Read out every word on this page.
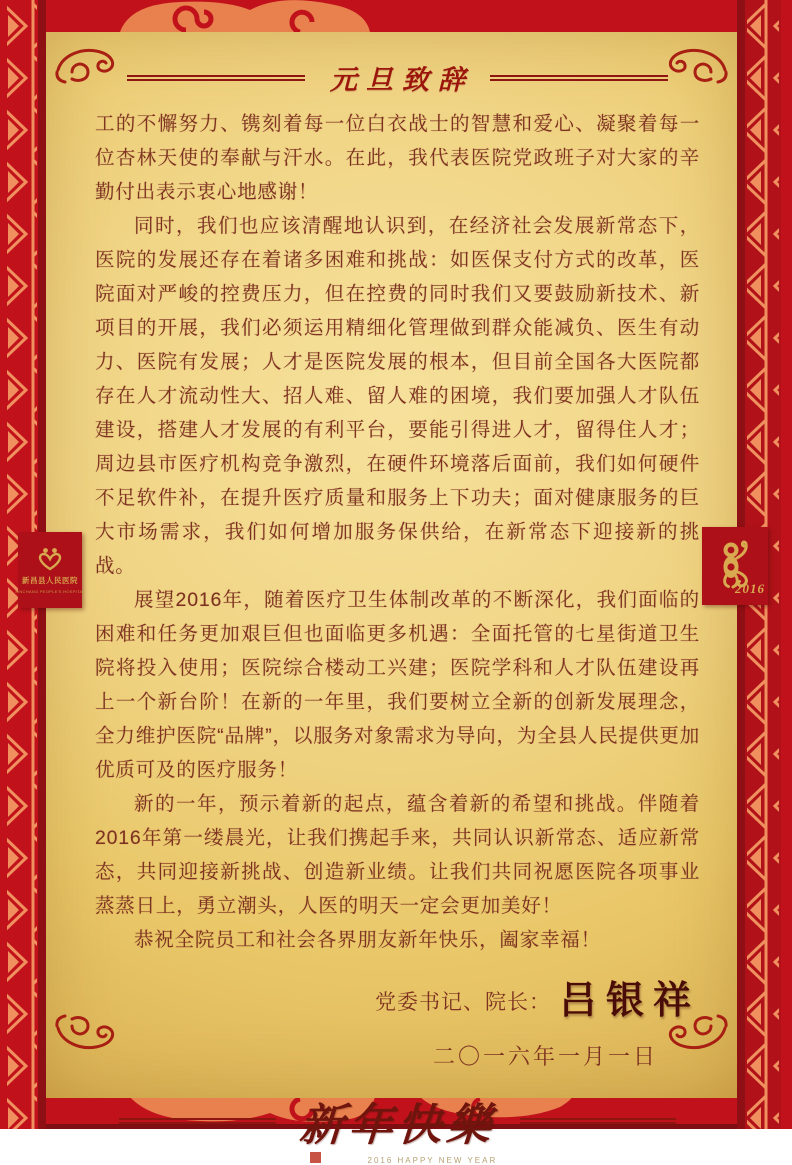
元旦致辞

工的不懈努力、镌刻着每一位白衣战士的智慧和爱心、凝聚着每一位杏林天使的奉献与汗水。在此，我代表医院党政班子对大家的辛勤付出表示衷心地感谢！

同时，我们也应该清醒地认识到，在经济社会发展新常态下，医院的发展还存在着诸多困难和挑战：如医保支付方式的改革，医院面对严峻的控费压力，但在控费的同时我们又要鼓励新技术、新项目的开展，我们必须运用精细化管理做到群众能减负、医生有动力、医院有发展；人才是医院发展的根本，但目前全国各大医院都存在人才流动性大、招人难、留人难的困境，我们要加强人才队伍建设，搭建人才发展的有利平台，要能引得进人才，留得住人才；周边县市医疗机构竞争激烈，在硬件环境落后面前，我们如何硬件不足软件补，在提升医疗质量和服务上下功夫；面对健康服务的巨大市场需求，我们如何增加服务保供给，在新常态下迎接新的挑战。

展望2016年，随着医疗卫生体制改革的不断深化，我们面临的困难和任务更加艰巨但也面临更多机遇：全面托管的七星街道卫生院将投入使用；医院综合楼动工兴建；医院学科和人才队伍建设再上一个新台阶！在新的一年里，我们要树立全新的创新发展理念，全力维护医院“品牌”，以服务对象需求为导向，为全县人民提供更加优质可及的医疗服务！

新的一年，预示着新的起点，蕴含着新的希望和挑战。伴随着2016年第一缕晨光，让我们携起手来，共同认识新常态、适应新常态，共同迎接新挑战、创造新业绩。让我们共同祝愿医院各项事业蒸蒸日上，勇立潮头，人医的明天一定会更加美好！

恭祝全院员工和社会各界朋友新年快乐，阖家幸福！

党委书记、院长： 吕银祥
二〇一六年一月一日
新年快樂
2016 HAPPY NEW YEAR
新昌县人民医院
XINCHANG PEOPLE'S HOSPITAL	2016
